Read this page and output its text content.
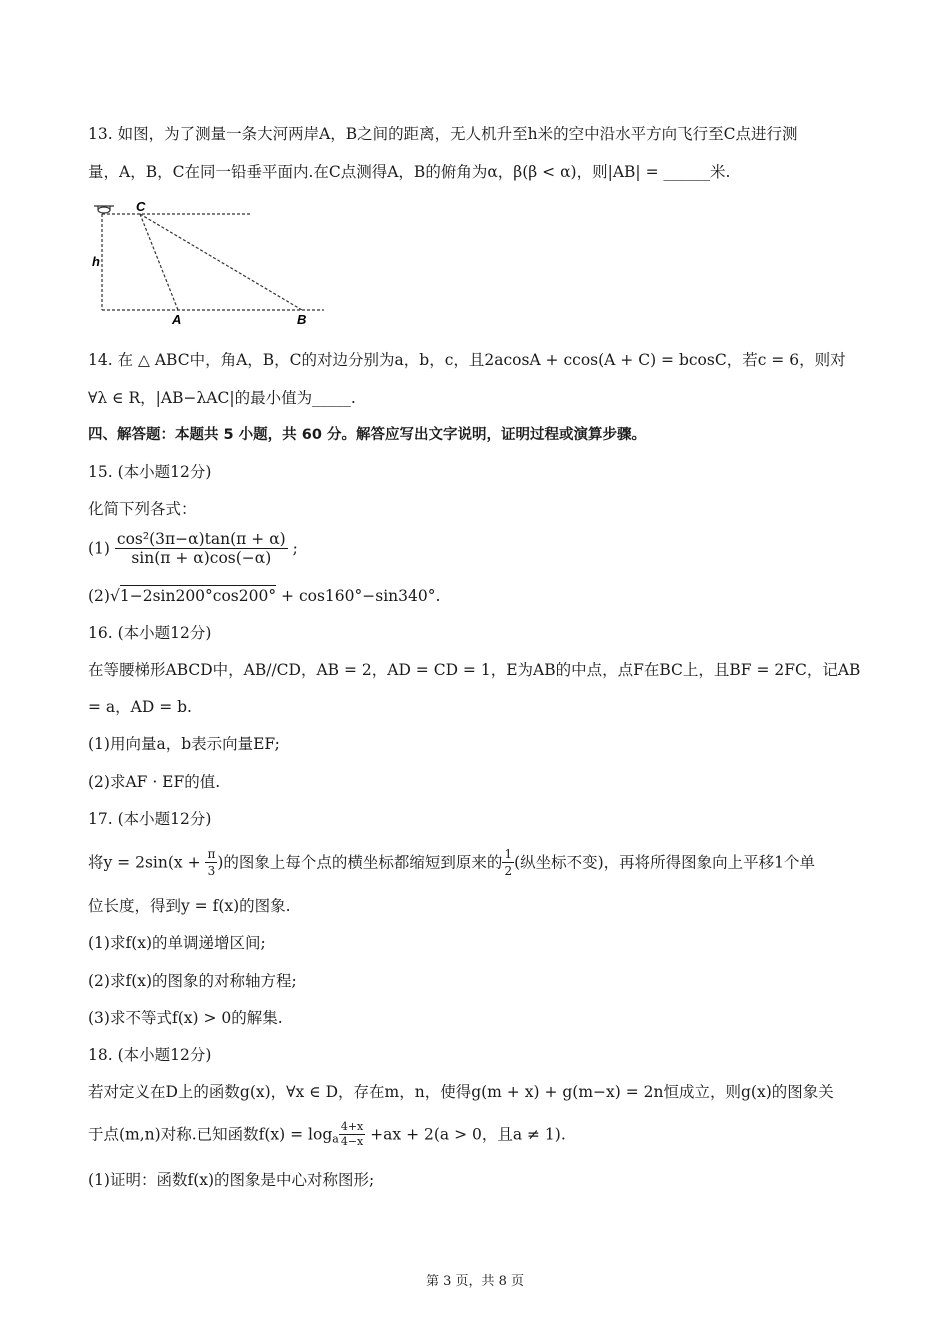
13. 如图，为了测量一条大河两岸A，B之间的距离，无人机升至h米的空中沿水平方向飞行至C点进行测
量，A，B，C在同一铅垂平面内.在C点测得A，B的俯角为α，β(β < α)，则|AB| = ______米.
C
h
A	B
14. 在 △ ABC中，角A，B，C的对边分别为a，b，c，且2acosA + ccos(A + C) = bcosC，若c = 6，则对
∀λ ∈ R，|AB−λAC|的最小值为_____.
四、解答题：本题共 5 小题，共 60 分。解答应写出文字说明，证明过程或演算步骤。
15. (本小题12分)
化简下列各式：
$(1) \frac{\text{cos²(3π−α)tan(π + α)}}{\sin(\pi + \alpha)\cos(-\alpha)}$ ;
(2)√1−2sin200°cos200° + cos160°−sin340°.
16. (本小题12分)
在等腰梯形ABCD中，AB//CD，AB = 2，AD = CD = 1，E为AB的中点，点F在BC上，且BF = 2FC，记AB
= a，AD = b.
(1)用向量a，b表示向量EF;
(2)求AF · EF的值.
17. (本小题12分)
将$y = 2\sin(x + \frac{\pi}{3}$ )的图象上每个点的横坐标都缩短到原来的 $\frac{1}{2}$ (纵坐标不变)，再将所得图象向上平移1个单
位长度，得到y = f(x)的图象.
(1)求f(x)的单调递增区间;
(2)求f(x)的图象的对称轴方程;
(3)求不等式f(x) > 0的解集.
18. (本小题12分)
若对定义在D上的函数g(x)，∀x ∈ D，存在m，n，使得g(m + x) + g(m−x) = 2n恒成立，则g(x)的图象关
于点(m,n)对称.已知函数$f(x) = \log_a \frac{4+x}{4-x} +ax + 2(a > 0$，且a ≠ 1).
(1)证明：函数f(x)的图象是中心对称图形;
第 3 页，共 8 页
